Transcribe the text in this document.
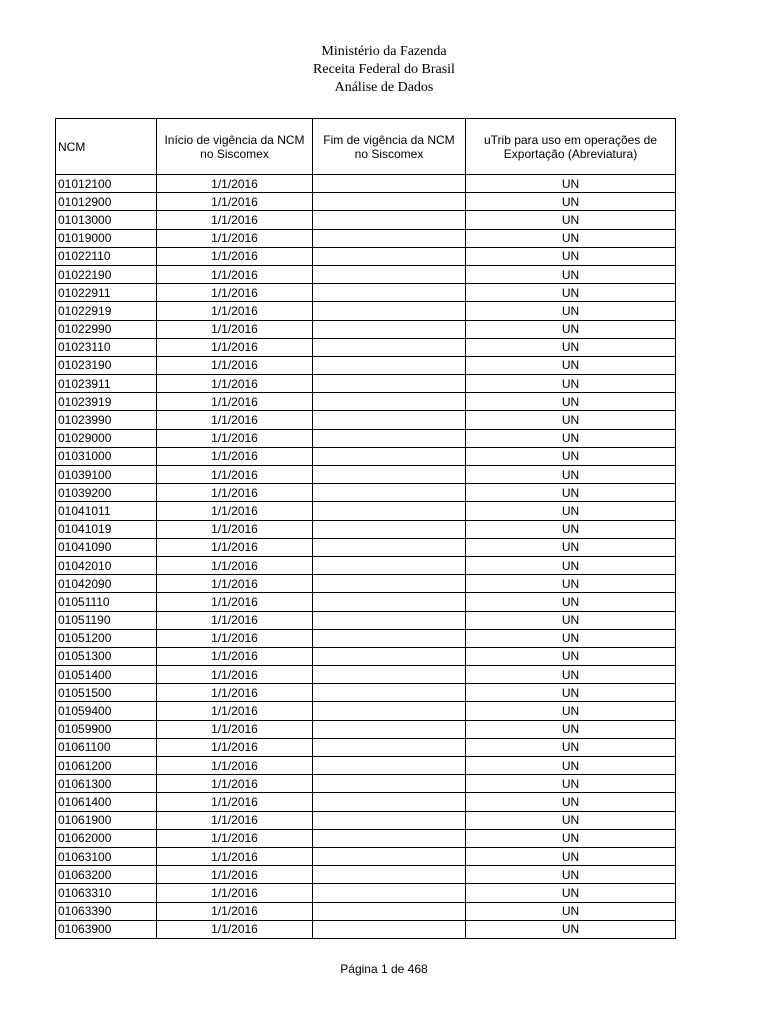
Ministério da Fazenda
Receita Federal do Brasil
Análise de Dados
NCM	Início de vigência da NCM no Siscomex	Fim de vigência da NCM no Siscomex	uTrib para uso em operações de Exportação (Abreviatura)
01012100	1/1/2016		UN
01012900	1/1/2016		UN
01013000	1/1/2016		UN
01019000	1/1/2016		UN
01022110	1/1/2016		UN
01022190	1/1/2016		UN
01022911	1/1/2016		UN
01022919	1/1/2016		UN
01022990	1/1/2016		UN
01023110	1/1/2016		UN
01023190	1/1/2016		UN
01023911	1/1/2016		UN
01023919	1/1/2016		UN
01023990	1/1/2016		UN
01029000	1/1/2016		UN
01031000	1/1/2016		UN
01039100	1/1/2016		UN
01039200	1/1/2016		UN
01041011	1/1/2016		UN
01041019	1/1/2016		UN
01041090	1/1/2016		UN
01042010	1/1/2016		UN
01042090	1/1/2016		UN
01051110	1/1/2016		UN
01051190	1/1/2016		UN
01051200	1/1/2016		UN
01051300	1/1/2016		UN
01051400	1/1/2016		UN
01051500	1/1/2016		UN
01059400	1/1/2016		UN
01059900	1/1/2016		UN
01061100	1/1/2016		UN
01061200	1/1/2016		UN
01061300	1/1/2016		UN
01061400	1/1/2016		UN
01061900	1/1/2016		UN
01062000	1/1/2016		UN
01063100	1/1/2016		UN
01063200	1/1/2016		UN
01063310	1/1/2016		UN
01063390	1/1/2016		UN
01063900	1/1/2016		UN
Página 1 de 468
